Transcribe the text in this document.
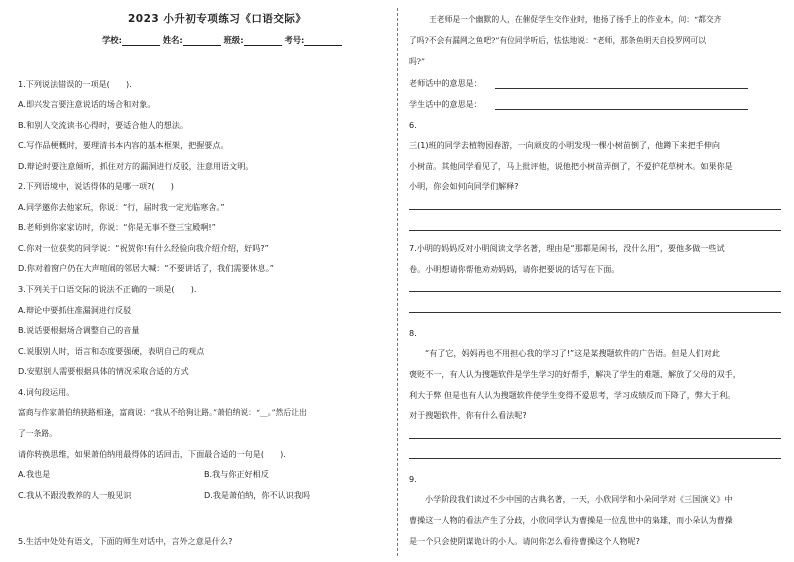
2023 小升初专项练习《口语交际》
学校:	姓名:	班级:	考号:
1.下列说法错误的一项是(　　).
A.即兴发言要注意说话的场合和对象。
B.和别人交流读书心得时，要适合他人的想法。
C.写作品梗概时，要理清书本内容的基本框架，把握要点。
D.辩论时要注意倾听，抓住对方的漏洞进行反驳，注意用语文明。
2.下列语境中，说话得体的是哪一项?(　　)
A.同学邀你去他家玩，你说：“行，届时我一定光临寒舍。”
B.老师到你家家访时，你说：“你是无事不登三宝殿啊!”
C.你对一位获奖的同学说：“祝贺你!有什么经验向我介绍介绍，好吗?”
D.你对着窗户仍在大声喧闹的邻居大喊：“不要讲话了，我们需要休息。”
3.下列关于口语交际的说法不正确的一项是(　　).
A.辩论中要抓住准漏洞进行反驳
B.说话要根据场合调整自己的音量
C.说服别人时，语言和态度要强硬，表明自己的观点
D.安慰别人需要根据具体的情况采取合适的方式
4.词句段运用。
富商与作家萧伯纳狭路相逢，富商说：“我从不给狗让路。”萧伯纳说：“__。”然后让出
了一条路。
请你转换思维，如果萧伯纳用最得体的话回击，下面最合适的一句是(　　).
A.我也是	B.我与你正好相反
C.我从不跟没教养的人一般见识	D.我是萧伯纳，你不认识我吗
5.生活中处处有语文，下面的师生对话中，言外之意是什么?
王老师是一个幽默的人，在催促学生交作业时，他扬了扬手上的作业本，问：“都交齐
了吗?不会有漏网之鱼吧?”有位同学听后，怯怯地说：“老师，那条鱼明天自投罗网可以
吗?”
老师话中的意思是：
学生话中的意思是：
6.
三(1)班的同学去植物园春游，一向顽皮的小明发现一棵小树苗倒了，他蹲下来把手伸向
小树苗。其他同学看见了，马上批评他，说他把小树苗弄倒了，不爱护花草树木。如果你是
小明，你会如何向同学们解释?
7.小明的妈妈反对小明阅读文学名著，理由是“那都是闲书，没什么用”，要他多做一些试
卷。小明想请你帮他劝劝妈妈，请你把要说的话写在下面。
8.
“有了它，妈妈再也不用担心我的学习了!”这是某搜题软件的广告语。但是人们对此
褒贬不一，有人认为搜题软件是学生学习的好帮手，解决了学生的难题，解放了父母的双手，
利大于弊 但是也有人认为搜题软件使学生变得不爱思考，学习成绩反而下降了，弊大于利。
对于搜题软件，你有什么看法呢?
9.
小学阶段我们读过不少中国的古典名著，一天，小欣同学和小朵同学对《三国演义》中
曹操这一人物的看法产生了分歧，小欣同学认为曹操是一位乱世中的枭雄，而小朵认为曹操
是一个只会使阴谋诡计的小人。请问你怎么看待曹操这个人物呢?
